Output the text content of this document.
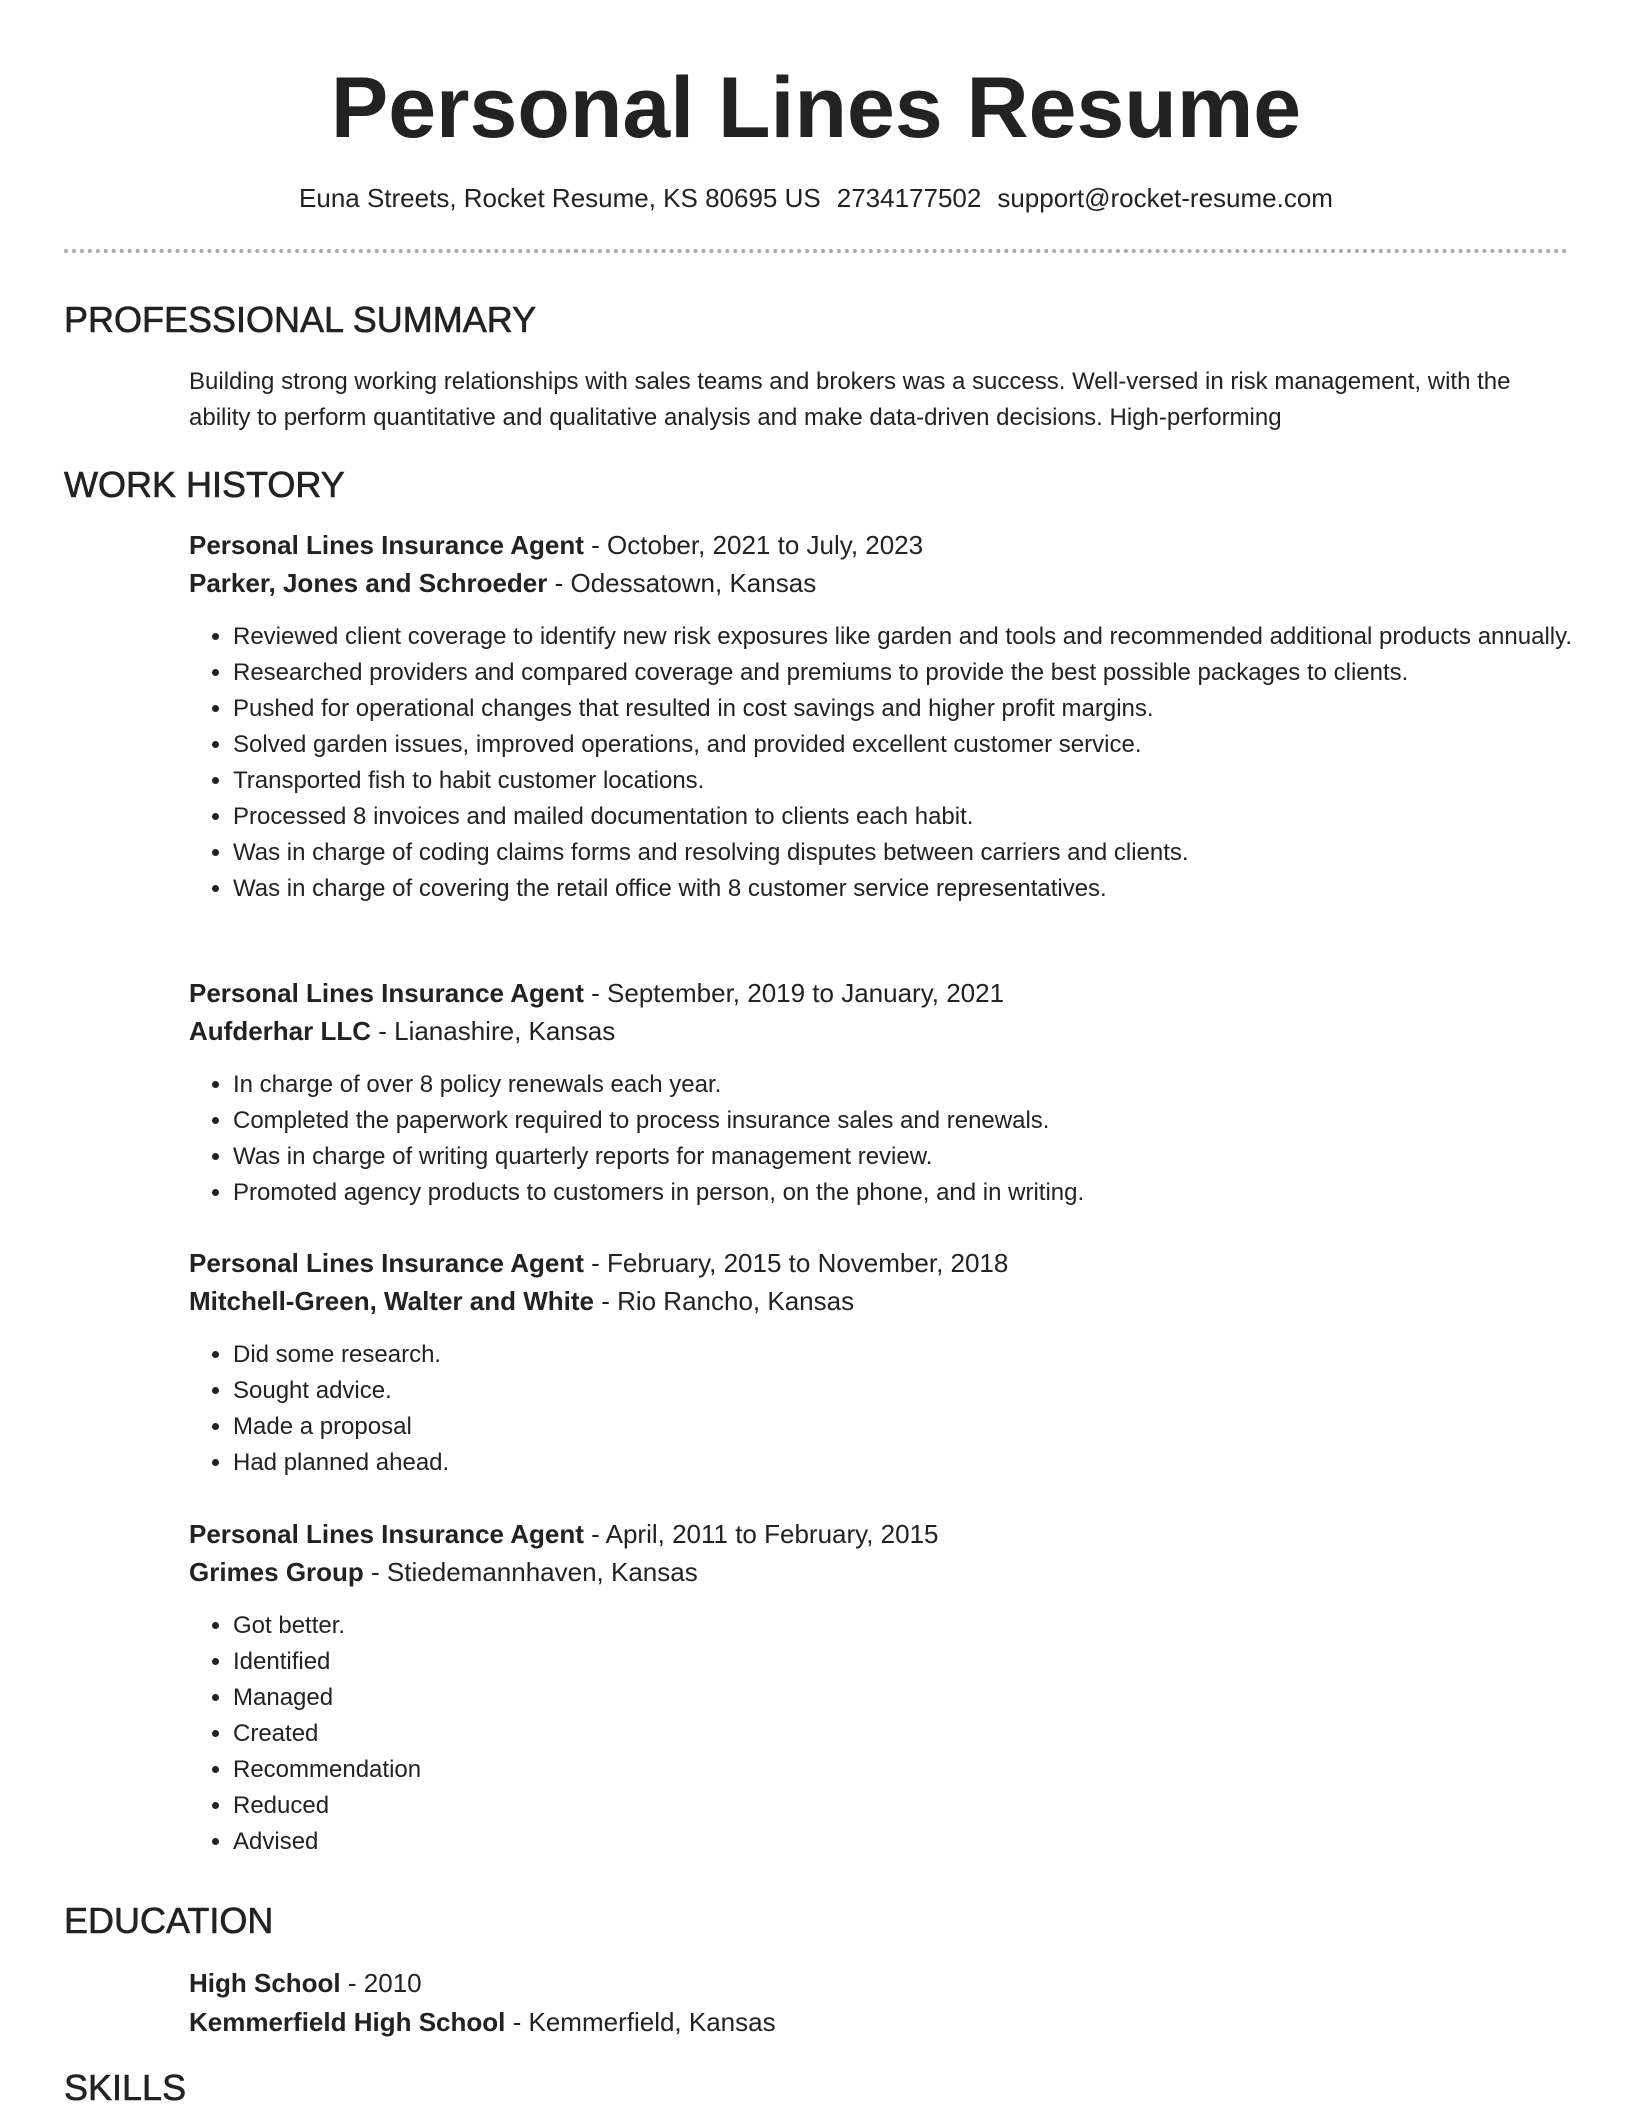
Personal Lines Resume
Euna Streets, Rocket Resume, KS 80695 US 2734177502 support@rocket-resume.com
PROFESSIONAL SUMMARY
Building strong working relationships with sales teams and brokers was a success. Well-versed in risk management, with the ability to perform quantitative and qualitative analysis and make data-driven decisions. High-performing
WORK HISTORY
Personal Lines Insurance Agent - October, 2021 to July, 2023
Parker, Jones and Schroeder - Odessatown, Kansas
• Reviewed client coverage to identify new risk exposures like garden and tools and recommended additional products annually.
• Researched providers and compared coverage and premiums to provide the best possible packages to clients.
• Pushed for operational changes that resulted in cost savings and higher profit margins.
• Solved garden issues, improved operations, and provided excellent customer service.
• Transported fish to habit customer locations.
• Processed 8 invoices and mailed documentation to clients each habit.
• Was in charge of coding claims forms and resolving disputes between carriers and clients.
• Was in charge of covering the retail office with 8 customer service representatives.
Personal Lines Insurance Agent - September, 2019 to January, 2021
Aufderhar LLC - Lianashire, Kansas
• In charge of over 8 policy renewals each year.
• Completed the paperwork required to process insurance sales and renewals.
• Was in charge of writing quarterly reports for management review.
• Promoted agency products to customers in person, on the phone, and in writing.
Personal Lines Insurance Agent - February, 2015 to November, 2018
Mitchell-Green, Walter and White - Rio Rancho, Kansas
• Did some research.
• Sought advice.
• Made a proposal
• Had planned ahead.
Personal Lines Insurance Agent - April, 2011 to February, 2015
Grimes Group - Stiedemannhaven, Kansas
• Got better.
• Identified
• Managed
• Created
• Recommendation
• Reduced
• Advised
EDUCATION
High School - 2010
Kemmerfield High School - Kemmerfield, Kansas
SKILLS
